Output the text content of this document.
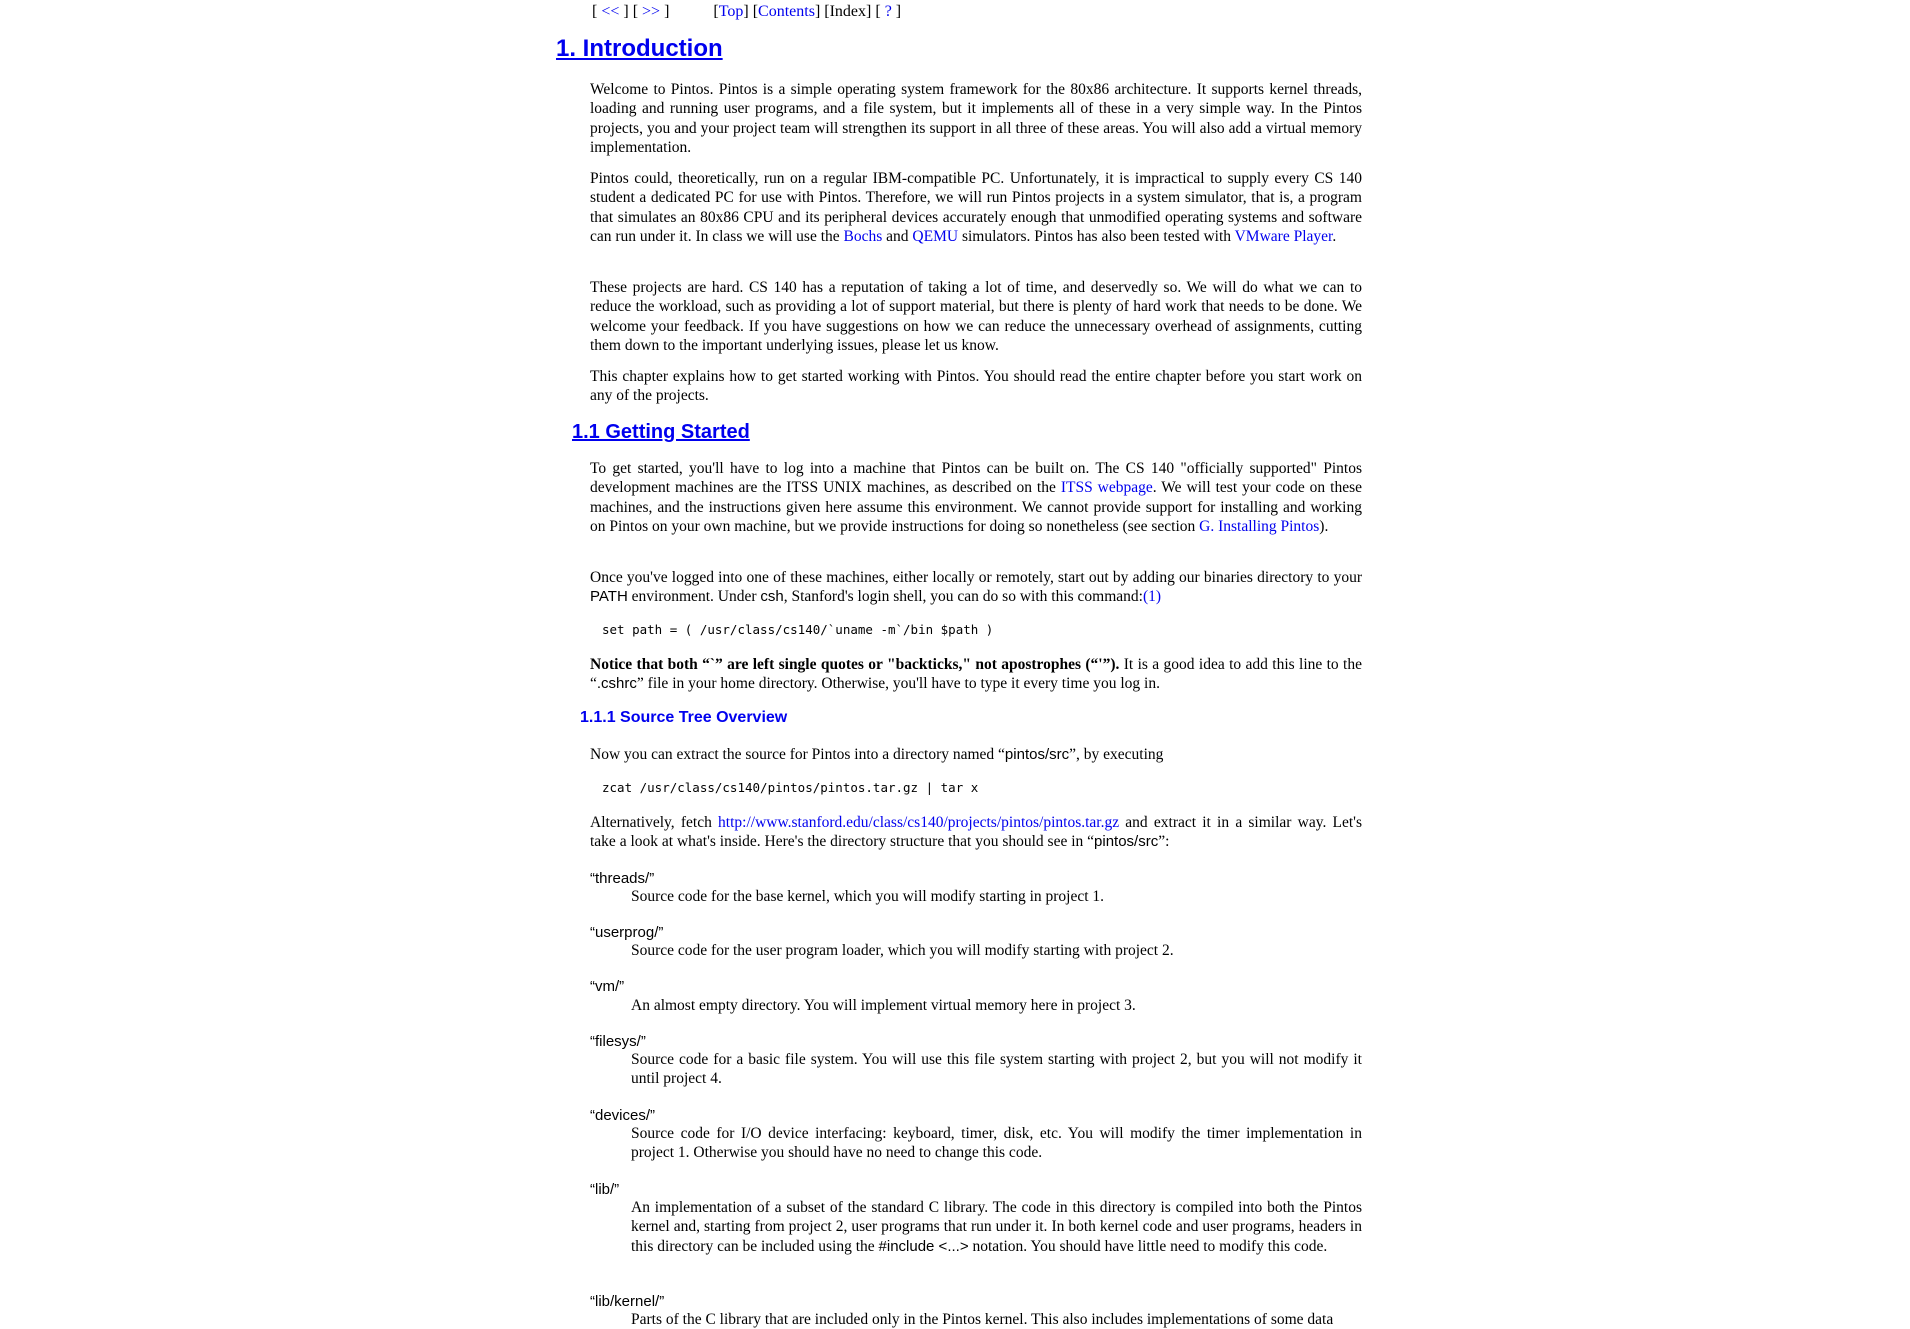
[ << ] [ >> ]	[Top] [Contents] [Index] [ ? ]
1. Introduction

Welcome to Pintos. Pintos is a simple operating system framework for the 80x86 architecture. It supports kernel threads, loading and running user programs, and a file system, but it implements all of these in a very simple way. In the Pintos projects, you and your project team will strengthen its support in all three of these areas. You will also add a virtual memory implementation.

Pintos could, theoretically, run on a regular IBM-compatible PC. Unfortunately, it is impractical to supply every CS 140 student a dedicated PC for use with Pintos. Therefore, we will run Pintos projects in a system simulator, that is, a program that simulates an 80x86 CPU and its peripheral devices accurately enough that unmodified operating systems and software can run under it. In class we will use the Bochs and QEMU simulators. Pintos has also been tested with VMware Player.

These projects are hard. CS 140 has a reputation of taking a lot of time, and deservedly so. We will do what we can to reduce the workload, such as providing a lot of support material, but there is plenty of hard work that needs to be done. We welcome your feedback. If you have suggestions on how we can reduce the unnecessary overhead of assignments, cutting them down to the important underlying issues, please let us know.

This chapter explains how to get started working with Pintos. You should read the entire chapter before you start work on any of the projects.

1.1 Getting Started

To get started, you'll have to log into a machine that Pintos can be built on. The CS 140 "officially supported" Pintos development machines are the ITSS UNIX machines, as described on the ITSS webpage. We will test your code on these machines, and the instructions given here assume this environment. We cannot provide support for installing and working on Pintos on your own machine, but we provide instructions for doing so nonetheless (see section G. Installing Pintos).

Once you've logged into one of these machines, either locally or remotely, start out by adding our binaries directory to your PATH environment. Under csh, Stanford's login shell, you can do so with this command:(1)

set path = ( /usr/class/cs140/`uname -m`/bin $path )

Notice that both “`” are left single quotes or "backticks," not apostrophes (“'”). It is a good idea to add this line to the “.cshrc” file in your home directory. Otherwise, you'll have to type it every time you log in.

1.1.1 Source Tree Overview

Now you can extract the source for Pintos into a directory named “pintos/src”, by executing

zcat /usr/class/cs140/pintos/pintos.tar.gz | tar x

Alternatively, fetch http://www.stanford.edu/class/cs140/projects/pintos/pintos.tar.gz and extract it in a similar way. Let's take a look at what's inside. Here's the directory structure that you should see in “pintos/src”:

“threads/”

Source code for the base kernel, which you will modify starting in project 1.

“userprog/”

Source code for the user program loader, which you will modify starting with project 2.

“vm/”

An almost empty directory. You will implement virtual memory here in project 3.

“filesys/”

Source code for a basic file system. You will use this file system starting with project 2, but you will not modify it until project 4.

“devices/”

Source code for I/O device interfacing: keyboard, timer, disk, etc. You will modify the timer implementation in project 1. Otherwise you should have no need to change this code.

“lib/”

An implementation of a subset of the standard C library. The code in this directory is compiled into both the Pintos kernel and, starting from project 2, user programs that run under it. In both kernel code and user programs, headers in this directory can be included using the #include <...> notation. You should have little need to modify this code.

“lib/kernel/”

Parts of the C library that are included only in the Pintos kernel. This also includes implementations of some data
